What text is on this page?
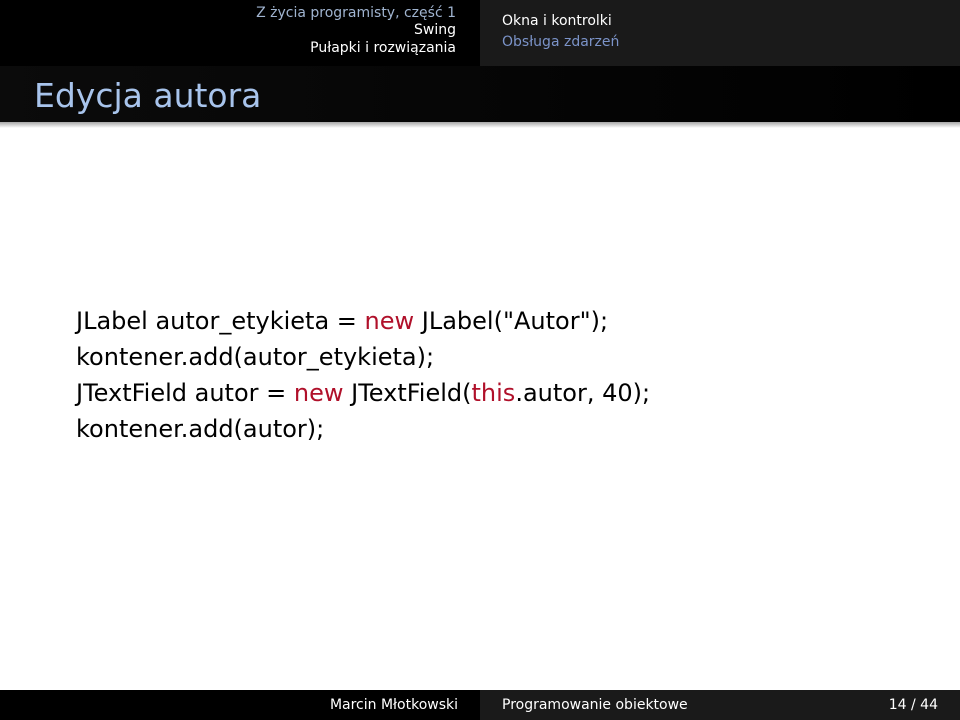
Z życia programisty, część 1
Swing
Pułapki i rozwiązania
Okna i kontrolki
Obsługa zdarzeń
Edycja autora
JLabel autor_etykieta = new JLabel("Autor");
kontener.add(autor_etykieta);
JTextField autor = new JTextField(this.autor, 40);
kontener.add(autor);
Marcin Młotkowski	Programowanie obiektowe	14 / 44
